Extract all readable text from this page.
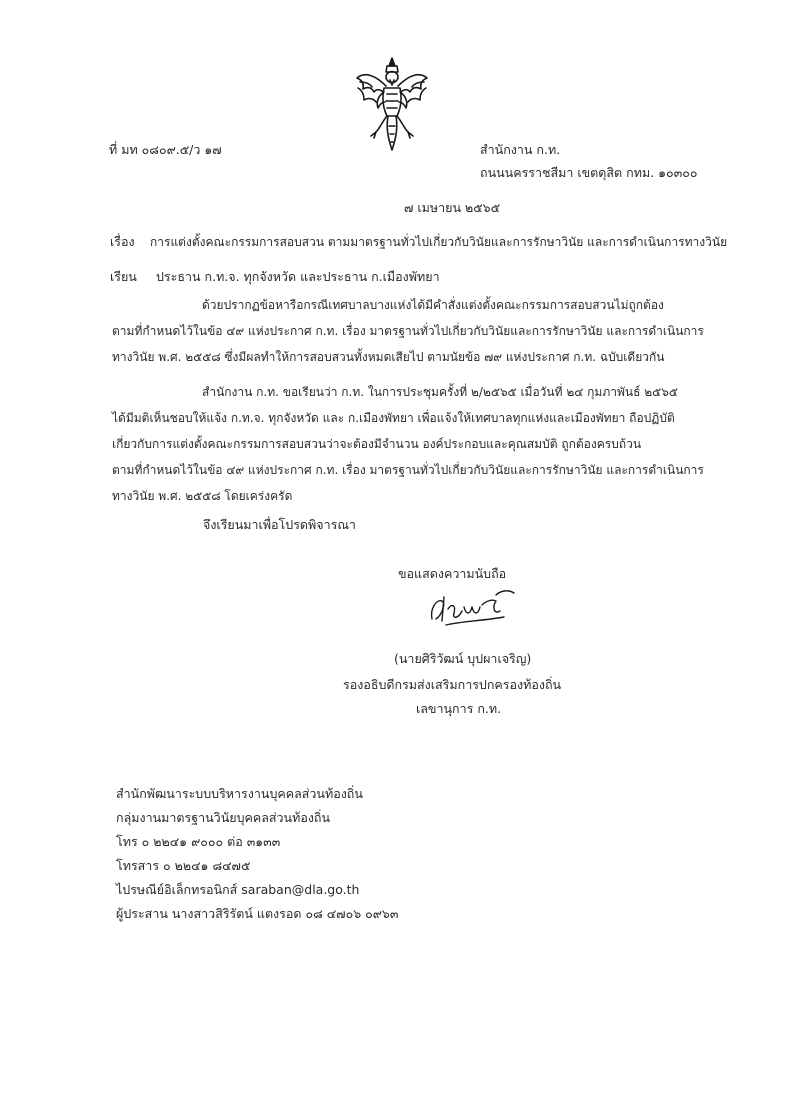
ที่ มท ๐๘๐๙.๕/ว ๑๗	สำนักงาน ก.ท.
ถนนนครราชสีมา เขตดุสิต กทม. ๑๐๓๐๐
๗ เมษายน ๒๕๖๕
เรื่อง การแต่งตั้งคณะกรรมการสอบสวน ตามมาตรฐานทั่วไปเกี่ยวกับวินัยและการรักษาวินัย และการดำเนินการทางวินัย
เรียน ประธาน ก.ท.จ. ทุกจังหวัด และประธาน ก.เมืองพัทยา
ด้วยปรากฏข้อหารือกรณีเทศบาลบางแห่งได้มีคำสั่งแต่งตั้งคณะกรรมการสอบสวนไม่ถูกต้อง
ตามที่กำหนดไว้ในข้อ ๔๙ แห่งประกาศ ก.ท. เรื่อง มาตรฐานทั่วไปเกี่ยวกับวินัยและการรักษาวินัย และการดำเนินการ
ทางวินัย พ.ศ. ๒๕๕๘ ซึ่งมีผลทำให้การสอบสวนทั้งหมดเสียไป ตามนัยข้อ ๗๙ แห่งประกาศ ก.ท. ฉบับเดียวกัน
สำนักงาน ก.ท. ขอเรียนว่า ก.ท. ในการประชุมครั้งที่ ๒/๒๕๖๕ เมื่อวันที่ ๒๔ กุมภาพันธ์ ๒๕๖๕
ได้มีมติเห็นชอบให้แจ้ง ก.ท.จ. ทุกจังหวัด และ ก.เมืองพัทยา เพื่อแจ้งให้เทศบาลทุกแห่งและเมืองพัทยา ถือปฏิบัติ
เกี่ยวกับการแต่งตั้งคณะกรรมการสอบสวนว่าจะต้องมีจำนวน องค์ประกอบและคุณสมบัติ ถูกต้องครบถ้วน
ตามที่กำหนดไว้ในข้อ ๔๙ แห่งประกาศ ก.ท. เรื่อง มาตรฐานทั่วไปเกี่ยวกับวินัยและการรักษาวินัย และการดำเนินการ
ทางวินัย พ.ศ. ๒๕๕๘ โดยเคร่งครัด
จึงเรียนมาเพื่อโปรดพิจารณา
ขอแสดงความนับถือ
(นายศิริวัฒน์ บุปผาเจริญ)
รองอธิบดีกรมส่งเสริมการปกครองท้องถิ่น
เลขานุการ ก.ท.
สำนักพัฒนาระบบบริหารงานบุคคลส่วนท้องถิ่น
กลุ่มงานมาตรฐานวินัยบุคคลส่วนท้องถิ่น
โทร ๐ ๒๒๔๑ ๙๐๐๐ ต่อ ๓๑๓๓
โทรสาร ๐ ๒๒๔๑ ๘๔๗๕
ไปรษณีย์อิเล็กทรอนิกส์ saraban@dla.go.th
ผู้ประสาน นางสาวสิริรัตน์ แตงรอด ๐๘ ๔๗๐๖ ๐๙๖๓
